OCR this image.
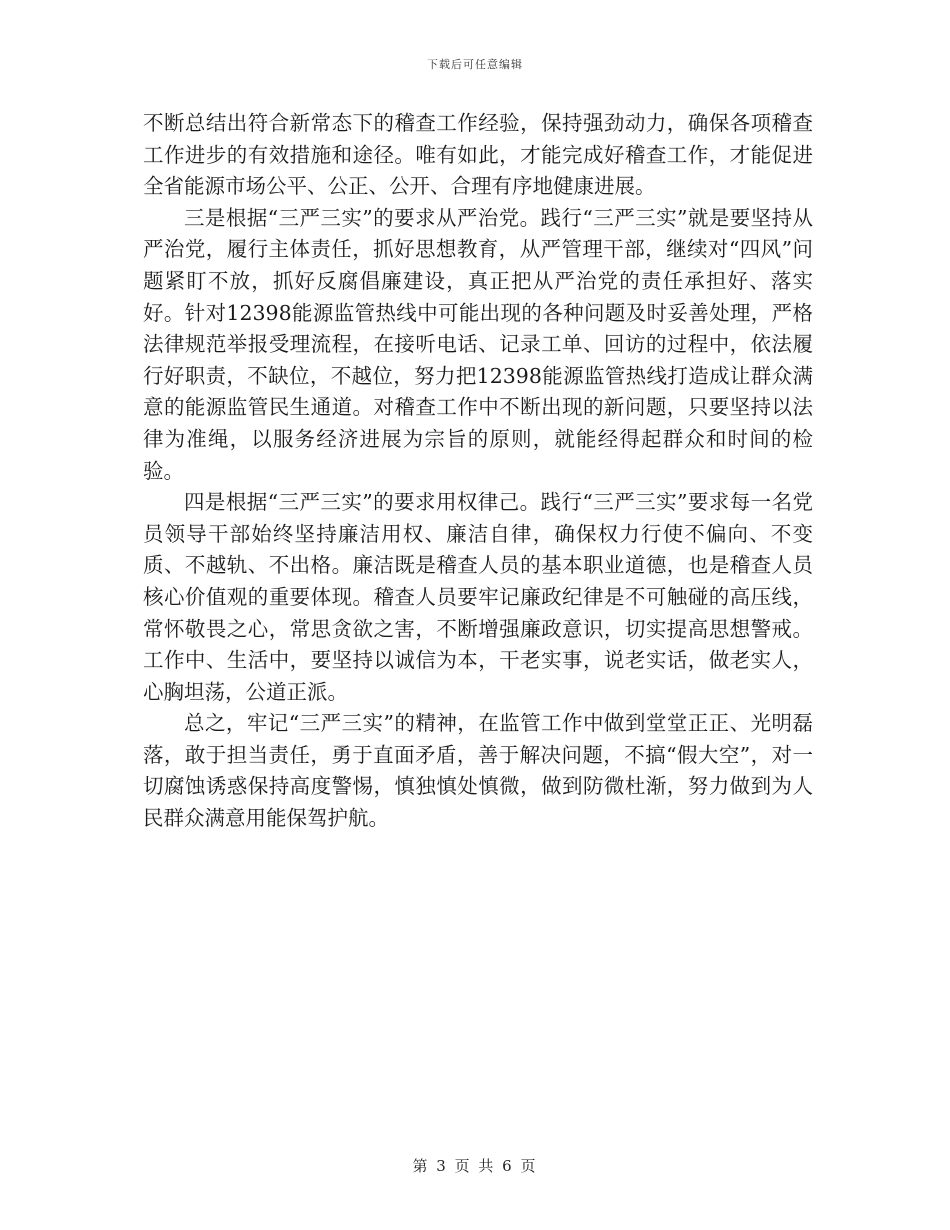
下载后可任意编辑

不断总结出符合新常态下的稽查工作经验，保持强劲动力，确保各项稽查工作进步的有效措施和途径。唯有如此，才能完成好稽查工作，才能促进全省能源市场公平、公正、公开、合理有序地健康进展。

三是根据“三严三实”的要求从严治党。践行“三严三实”就是要坚持从严治党，履行主体责任，抓好思想教育，从严管理干部，继续对“四风”问题紧盯不放，抓好反腐倡廉建设，真正把从严治党的责任承担好、落实好。针对12398能源监管热线中可能出现的各种问题及时妥善处理，严格法律规范举报受理流程，在接听电话、记录工单、回访的过程中，依法履行好职责，不缺位，不越位，努力把12398能源监管热线打造成让群众满意的能源监管民生通道。对稽查工作中不断出现的新问题，只要坚持以法律为准绳，以服务经济进展为宗旨的原则，就能经得起群众和时间的检验。

四是根据“三严三实”的要求用权律己。践行“三严三实”要求每一名党员领导干部始终坚持廉洁用权、廉洁自律，确保权力行使不偏向、不变质、不越轨、不出格。廉洁既是稽查人员的基本职业道德，也是稽查人员核心价值观的重要体现。稽查人员要牢记廉政纪律是不可触碰的高压线，常怀敬畏之心，常思贪欲之害，不断增强廉政意识，切实提高思想警戒。工作中、生活中，要坚持以诚信为本，干老实事，说老实话，做老实人，心胸坦荡，公道正派。

总之，牢记“三严三实”的精神，在监管工作中做到堂堂正正、光明磊落，敢于担当责任，勇于直面矛盾，善于解决问题，不搞“假大空”，对一切腐蚀诱惑保持高度警惕，慎独慎处慎微，做到防微杜渐，努力做到为人民群众满意用能保驾护航。

第 3 页 共 6 页
